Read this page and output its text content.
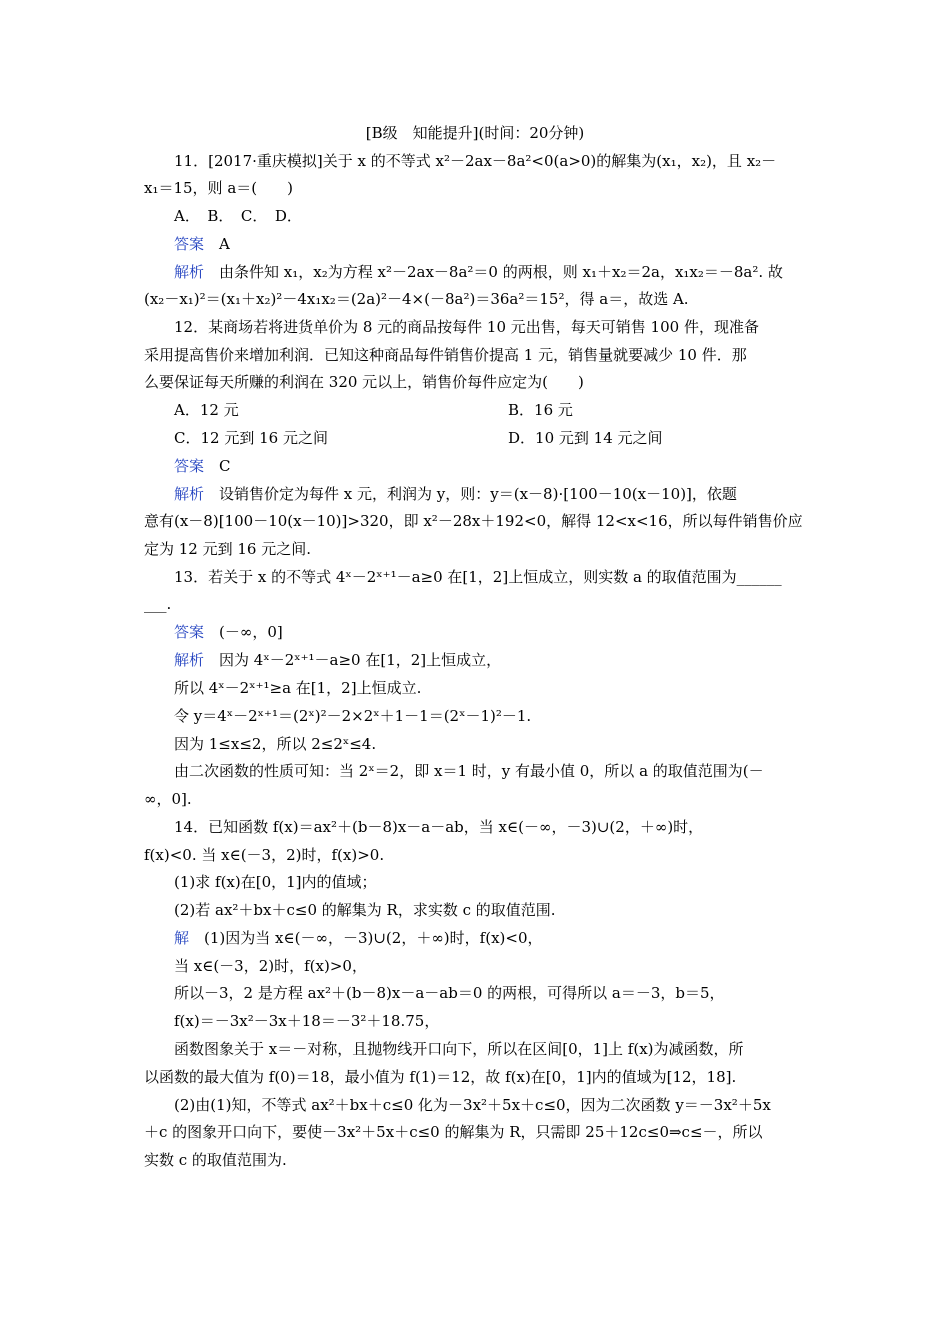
[B级　知能提升](时间：20分钟)
11．[2017·重庆模拟]关于 x 的不等式 x²－2ax－8a²<0(a>0)的解集为(x₁，x₂)，且 x₂－
x₁＝15，则 a＝(　　)
A．　B．　C．　D．
答案　 A
解析　 由条件知 x₁，x₂为方程 x²－2ax－8a²＝0 的两根，则 x₁＋x₂＝2a，x₁x₂＝－8a². 故
(x₂－x₁)²＝(x₁＋x₂)²－4x₁x₂＝(2a)²－4×(－8a²)＝36a²＝15²，得 a＝，故选 A.
12．某商场若将进货单价为 8 元的商品按每件 10 元出售，每天可销售 100 件，现准备
采用提高售价来增加利润．已知这种商品每件销售价提高 1 元，销售量就要减少 10 件．那
么要保证每天所赚的利润在 320 元以上，销售价每件应定为(　　)
A．12 元	B．16 元
C．12 元到 16 元之间	D．10 元到 14 元之间
答案　 C
解析　 设销售价定为每件 x 元，利润为 y，则：y＝(x－8)·[100－10(x－10)]，依题
意有(x－8)[100－10(x－10)]>320，即 x²－28x＋192<0，解得 12<x<16，所以每件销售价应
定为 12 元到 16 元之间.
13．若关于 x 的不等式 4ˣ－2ˣ⁺¹－a≥0 在[1，2]上恒成立，则实数 a 的取值范围为______
___.
答案　 (－∞，0]
解析　 因为 4ˣ－2ˣ⁺¹－a≥0 在[1，2]上恒成立，
所以 4ˣ－2ˣ⁺¹≥a 在[1，2]上恒成立.
令 y＝4ˣ－2ˣ⁺¹＝(2ˣ)²－2×2ˣ＋1－1＝(2ˣ－1)²－1.
因为 1≤x≤2，所以 2≤2ˣ≤4.
由二次函数的性质可知：当 2ˣ＝2，即 x＝1 时，y 有最小值 0，所以 a 的取值范围为(－
∞，0].
14．已知函数 f(x)＝ax²＋(b－8)x－a－ab，当 x∈(－∞，－3)∪(2，＋∞)时，
f(x)<0. 当 x∈(－3，2)时，f(x)>0.
(1)求 f(x)在[0，1]内的值域；
(2)若 ax²＋bx＋c≤0 的解集为 R，求实数 c 的取值范围.
解　 (1)因为当 x∈(－∞，－3)∪(2，＋∞)时，f(x)<0，
当 x∈(－3，2)时，f(x)>0，
所以－3，2 是方程 ax²＋(b－8)x－a－ab＝0 的两根，可得所以 a＝－3，b＝5，
f(x)＝－3x²－3x＋18＝－3²＋18.75，
函数图象关于 x＝－对称，且抛物线开口向下，所以在区间[0，1]上 f(x)为减函数，所
以函数的最大值为 f(0)＝18，最小值为 f(1)＝12，故 f(x)在[0，1]内的值域为[12，18].
(2)由(1)知，不等式 ax²＋bx＋c≤0 化为－3x²＋5x＋c≤0，因为二次函数 y＝－3x²＋5x
＋c 的图象开口向下，要使－3x²＋5x＋c≤0 的解集为 R，只需即 25＋12c≤0⇒c≤－，所以
实数 c 的取值范围为.
